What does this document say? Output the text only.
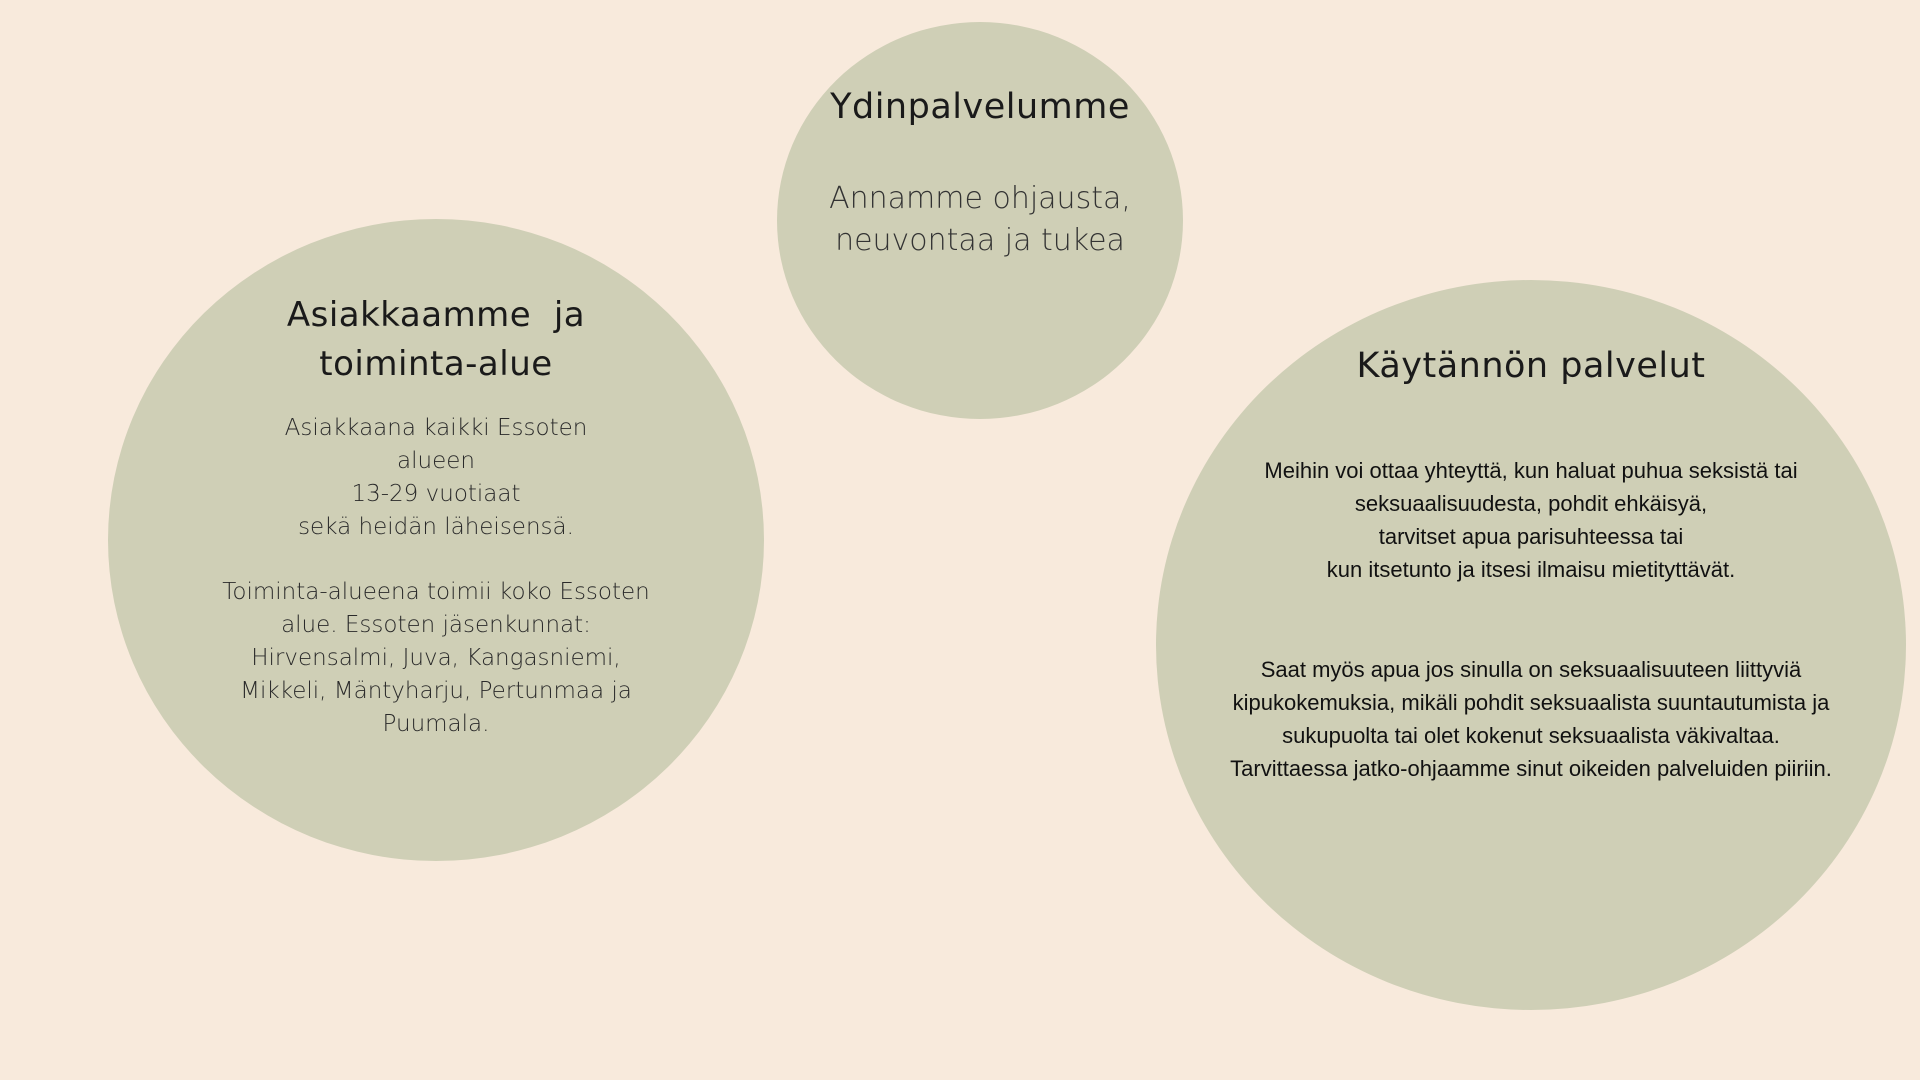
Ydinpalvelumme

Annamme ohjausta,
neuvontaa ja tukea

Asiakkaamme  ja
toiminta-alue

Asiakkaana kaikki Essoten
alueen
13-29 vuotiaat
sekä heidän läheisensä.

Toiminta-alueena toimii koko Essoten
alue. Essoten jäsenkunnat:
Hirvensalmi, Juva, Kangasniemi,
Mikkeli, Mäntyharju, Pertunmaa ja
Puumala.

Käytännön palvelut

Meihin voi ottaa yhteyttä, kun haluat puhua seksistä tai
seksuaalisuudesta, pohdit ehkäisyä,
tarvitset apua parisuhteessa tai
kun itsetunto ja itsesi ilmaisu mietityttävät.

Saat myös apua jos sinulla on seksuaalisuuteen liittyviä
kipukokemuksia, mikäli pohdit seksuaalista suuntautumista ja
sukupuolta tai olet kokenut seksuaalista väkivaltaa.
Tarvittaessa jatko-ohjaamme sinut oikeiden palveluiden piiriin.
